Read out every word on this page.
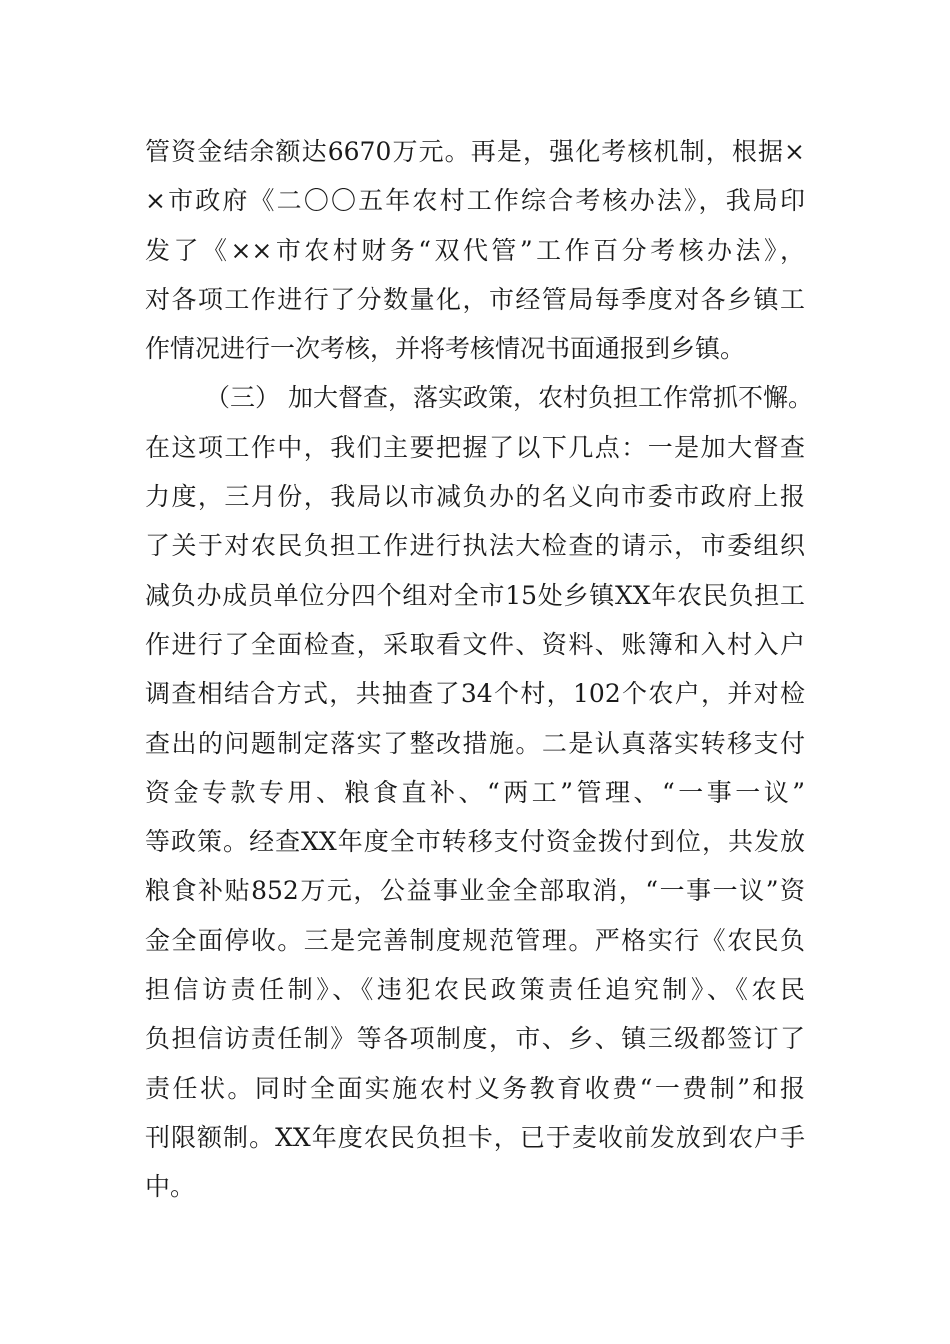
管资金结余额达6670万元。再是，强化考核机制，根据×
×市政府《二〇〇五年农村工作综合考核办法》，我局印
发了《××市农村财务“双代管”工作百分考核办法》，
对各项工作进行了分数量化，市经管局每季度对各乡镇工
作情况进行一次考核，并将考核情况书面通报到乡镇。
（三） 加大督查，落实政策，农村负担工作常抓不懈。
在这项工作中，我们主要把握了以下几点：一是加大督查
力度，三月份，我局以市减负办的名义向市委市政府上报
了关于对农民负担工作进行执法大检查的请示，市委组织
减负办成员单位分四个组对全市15处乡镇XX年农民负担工
作进行了全面检查，采取看文件、资料、账簿和入村入户
调查相结合方式，共抽查了34个村，102个农户，并对检
查出的问题制定落实了整改措施。二是认真落实转移支付
资金专款专用、粮食直补、“两工”管理、“一事一议”
等政策。经查XX年度全市转移支付资金拨付到位，共发放
粮食补贴852万元，公益事业金全部取消，“一事一议”资
金全面停收。三是完善制度规范管理。严格实行《农民负
担信访责任制》、《违犯农民政策责任追究制》、《农民
负担信访责任制》等各项制度，市、乡、镇三级都签订了
责任状。同时全面实施农村义务教育收费“一费制”和报
刊限额制。XX年度农民负担卡，已于麦收前发放到农户手
中。
